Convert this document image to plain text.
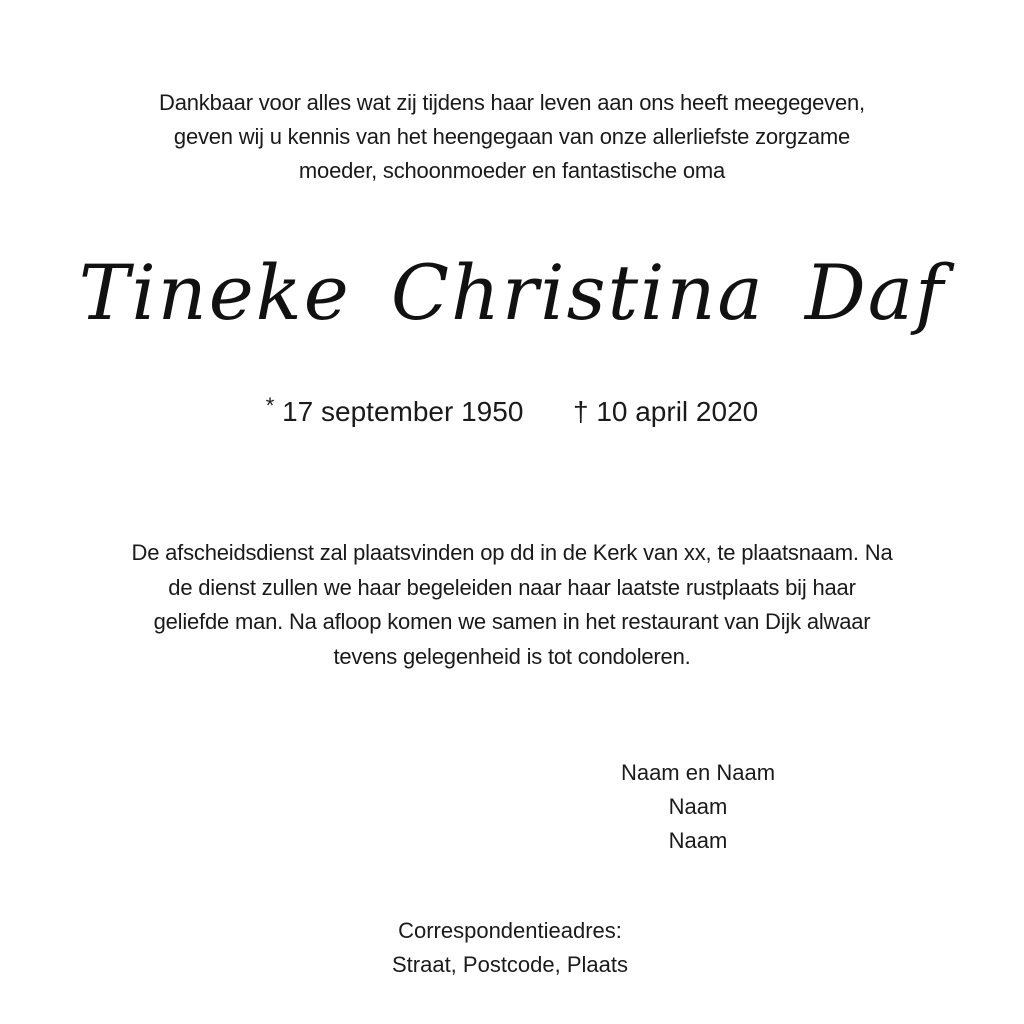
Dankbaar voor alles wat zij tijdens haar leven aan ons heeft meegegeven,
geven wij u kennis van het heengegaan van onze allerliefste zorgzame
moeder, schoonmoeder en fantastische oma
Tineke Christina Daf
* 17 september 1950 † 10 april 2020
De afscheidsdienst zal plaatsvinden op dd in de Kerk van xx, te plaatsnaam. Na
de dienst zullen we haar begeleiden naar haar laatste rustplaats bij haar
geliefde man. Na afloop komen we samen in het restaurant van Dijk alwaar
tevens gelegenheid is tot condoleren.
Naam en Naam
Naam
Naam
Correspondentieadres:
Straat, Postcode, Plaats
